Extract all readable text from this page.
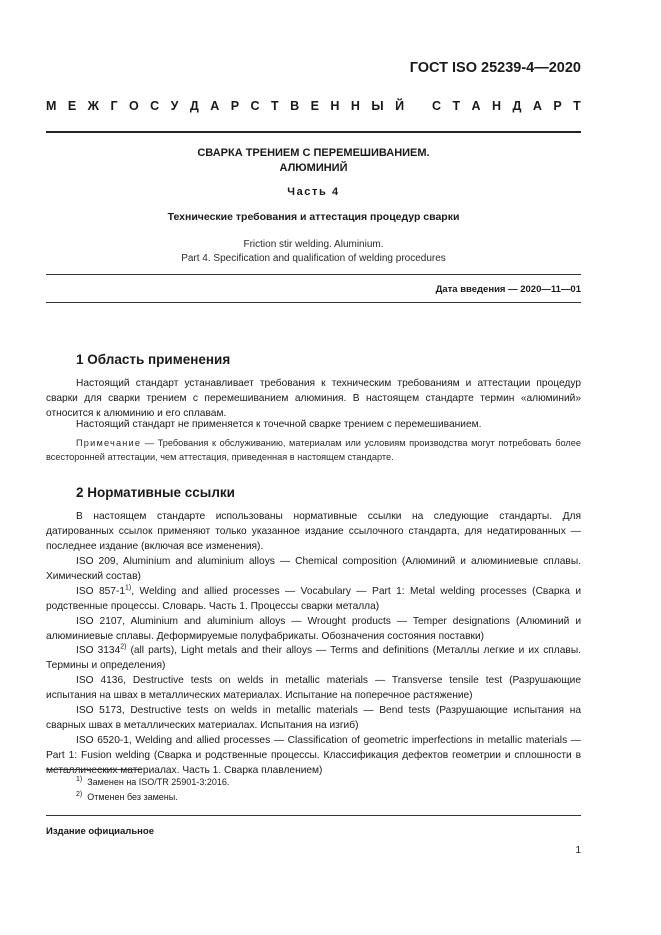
ГОСТ ISO 25239-4—2020
М Е Ж Г О С У Д А Р С Т В Е Н Н Ы Й С Т А Н Д А Р Т
СВАРКА ТРЕНИЕМ С ПЕРЕМЕШИВАНИЕМ.
АЛЮМИНИЙ
Часть 4
Технические требования и аттестация процедур сварки
Friction stir welding. Aluminium.
Part 4. Specification and qualification of welding procedures
Дата введения — 2020—11—01
1 Область применения
Настоящий стандарт устанавливает требования к техническим требованиям и аттестации процедур сварки для сварки трением с перемешиванием алюминия. В настоящем стандарте термин «алюминий» относится к алюминию и его сплавам.
Настоящий стандарт не применяется к точечной сварке трением с перемешиванием.
Примечание — Требования к обслуживанию, материалам или условиям производства могут потребовать более всесторонней аттестации, чем аттестация, приведенная в настоящем стандарте.
2 Нормативные ссылки
В настоящем стандарте использованы нормативные ссылки на следующие стандарты. Для датированных ссылок применяют только указанное издание ссылочного стандарта, для недатированных — последнее издание (включая все изменения).
ISO 209, Aluminium and aluminium alloys — Chemical composition (Алюминий и алюминиевые сплавы. Химический состав)
ISO 857-1$^{1)}$, Welding and allied processes — Vocabulary — Part 1: Metal welding processes (Сварка и родственные процессы. Словарь. Часть 1. Процессы сварки металла)
ISO 2107, Aluminium and aluminium alloys — Wrought products — Temper designations (Алюминий и алюминиевые сплавы. Деформируемые полуфабрикаты. Обозначения состояния поставки)
ISO 3134$^{2)}$ (all parts), Light metals and their alloys — Terms and definitions (Металлы легкие и их сплавы. Термины и определения)
ISO 4136, Destructive tests on welds in metallic materials — Transverse tensile test (Разрушающие испытания на швах в металлических материалах. Испытание на поперечное растяжение)
ISO 5173, Destructive tests on welds in metallic materials — Bend tests (Разрушающие испытания на сварных швах в металлических материалах. Испытания на изгиб)
ISO 6520-1, Welding and allied processes — Classification of geometric imperfections in metallic materials — Part 1: Fusion welding (Сварка и родственные процессы. Классификация дефектов геометрии и сплошности в металлических материалах. Часть 1. Сварка плавлением)
$^{1)}$ Заменен на ISO/TR 25901-3:2016.
$^{2)}$ Отменен без замены.
Издание официальное
1
